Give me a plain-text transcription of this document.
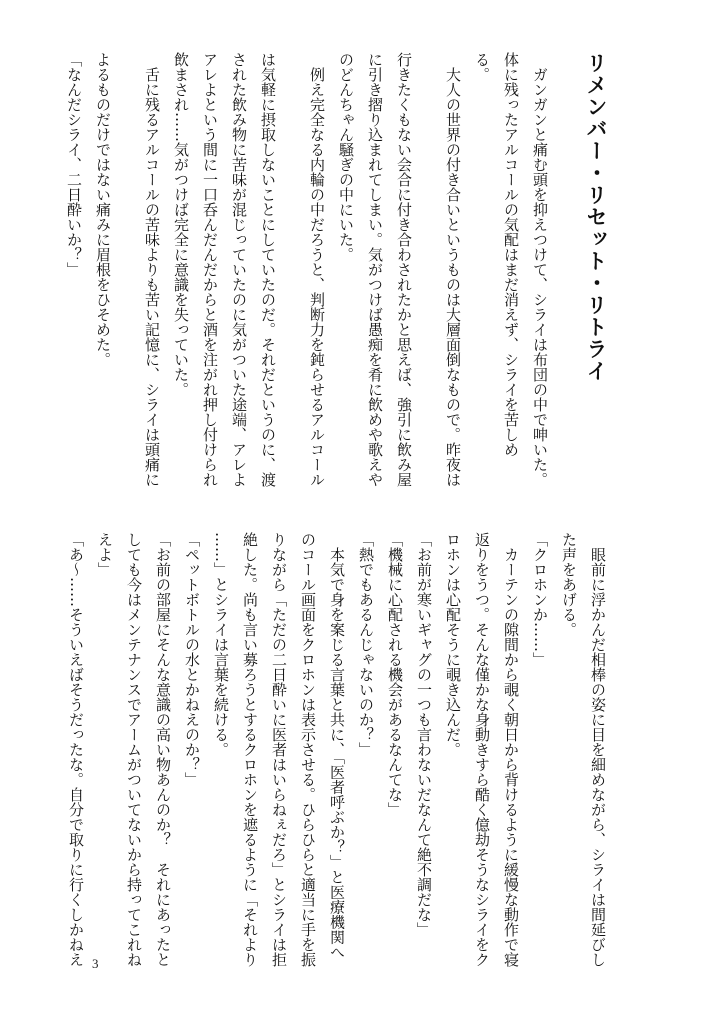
リメンバー・リセット・リトライ
　ガンガンと痛む頭を抑えつけて、シライは布団の中で呻いた。
体に残ったアルコールの気配はまだ消えず、シライを苦しめ
る。
　大人の世界の付き合いというものは大層面倒なもので。昨夜は
行きたくもない会合に付き合わされたかと思えば、強引に飲み屋
に引き摺り込まれてしまい。気がつけば愚痴を肴に飲めや歌えや
のどんちゃん騒ぎの中にいた。
　例え完全なる内輪の中だろうと、判断力を鈍らせるアルコール
は気軽に摂取しないことにしていたのだ。それだというのに、渡
された飲み物に苦味が混じっていたのに気がついた途端、アレよ
アレよという間に一口呑んだんだからと酒を注がれ押し付けられ
飲まされ……気がつけば完全に意識を失っていた。
　舌に残るアルコールの苦味よりも苦い記憶に、シライは頭痛に
よるものだけではない痛みに眉根をひそめた。
「なんだシライ、二日酔いか？」
　眼前に浮かんだ相棒の姿に目を細めながら、シライは間延びし
た声をあげる。
「クロホンか……」
　カーテンの隙間から覗く朝日から背けるように緩慢な動作で寝
返りをうつ。そんな僅かな身動きすら酷く億劫そうなシライをク
ロホンは心配そうに覗き込んだ。
「お前が寒いギャグの一つも言わないだなんて絶不調だな」
「機械に心配される機会があるなんてな」
「熱でもあるんじゃないのか？」
　本気で身を案じる言葉と共に、「医者呼ぶか？」と医療機関へ
のコール画面をクロホンは表示させる。ひらひらと適当に手を振
りながら「ただの二日酔いに医者はいらねぇだろ」とシライは拒
絶した。尚も言い募ろうとするクロホンを遮るように「それより
……」とシライは言葉を続ける。
「ペットボトルの水とかねえのか？」
「お前の部屋にそんな意識の高い物あんのか？　それにあったと
しても今はメンテナンスでアームがついてないから持ってこれね
えよ」
「あ～……そういえばそうだったな。自分で取りに行くしかねえ 3
